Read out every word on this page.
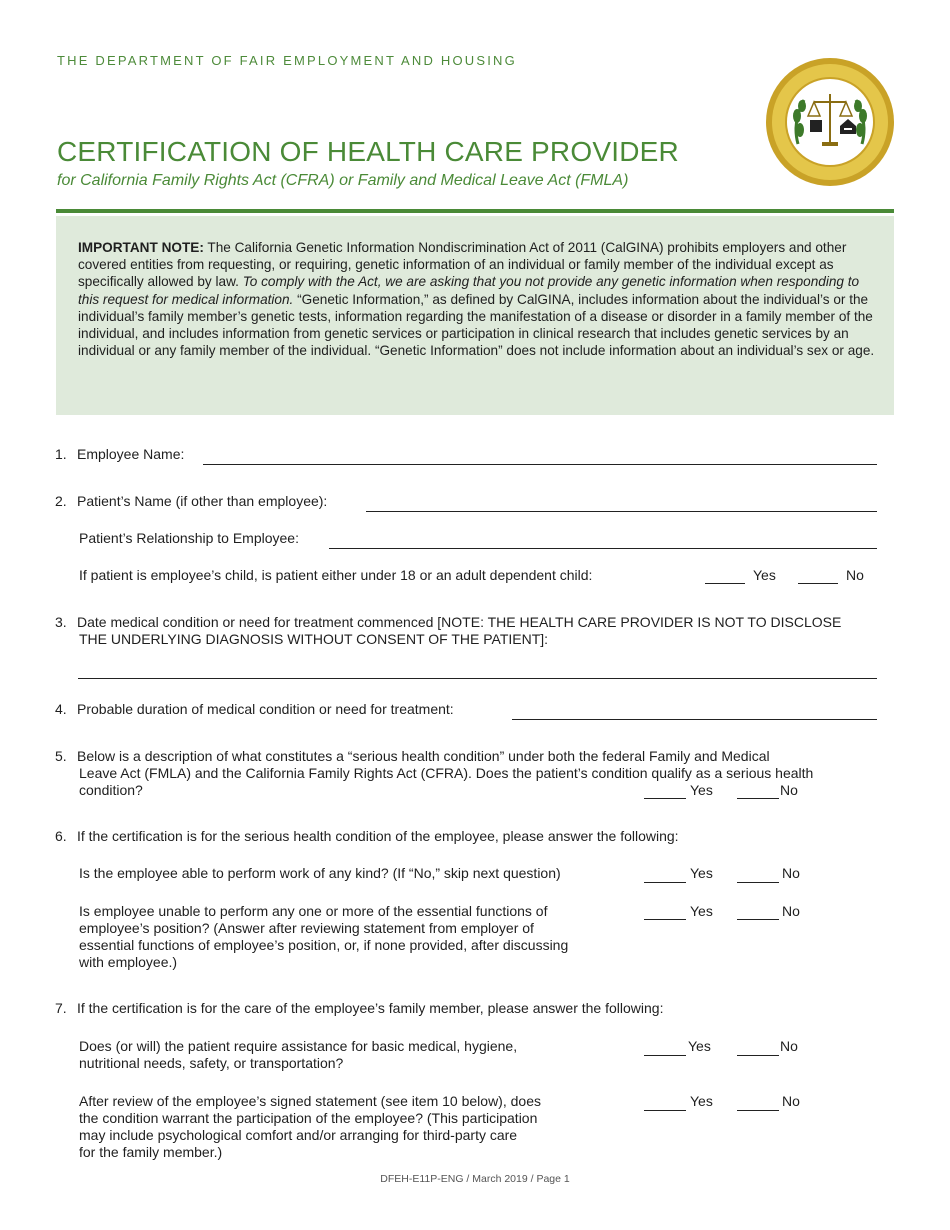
THE DEPARTMENT OF FAIR EMPLOYMENT AND HOUSING
CERTIFICATION OF HEALTH CARE PROVIDER
for California Family Rights Act (CFRA) or Family and Medical Leave Act (FMLA)
IMPORTANT NOTE: The California Genetic Information Nondiscrimination Act of 2011 (CalGINA) prohibits employers and other covered entities from requesting, or requiring, genetic information of an individual or family member of the individual except as specifically allowed by law. To comply with the Act, we are asking that you not provide any genetic information when responding to this request for medical information. “Genetic Information,” as defined by CalGINA, includes information about the individual’s or the individual’s family member’s genetic tests, information regarding the manifestation of a disease or disorder in a family member of the individual, and includes information from genetic services or participation in clinical research that includes genetic services by an individual or any family member of the individual. “Genetic Information” does not include information about an individual’s sex or age.
1. Employee Name:
2. Patient’s Name (if other than employee):
Patient’s Relationship to Employee:
If patient is employee’s child, is patient either under 18 or an adult dependent child:	Yes	No
3. Date medical condition or need for treatment commenced [NOTE: THE HEALTH CARE PROVIDER IS NOT TO DISCLOSE
THE UNDERLYING DIAGNOSIS WITHOUT CONSENT OF THE PATIENT]:
4. Probable duration of medical condition or need for treatment:
5. Below is a description of what constitutes a “serious health condition” under both the federal Family and Medical
Leave Act (FMLA) and the California Family Rights Act (CFRA). Does the patient’s condition qualify as a serious health
condition?	Yes	No
6. If the certification is for the serious health condition of the employee, please answer the following:
Is the employee able to perform work of any kind? (If “No,” skip next question)	Yes	No
Is employee unable to perform any one or more of the essential functions of
employee’s position? (Answer after reviewing statement from employer of
essential functions of employee’s position, or, if none provided, after discussing
with employee.)
Yes	No
7. If the certification is for the care of the employee’s family member, please answer the following:
Does (or will) the patient require assistance for basic medical, hygiene,
nutritional needs, safety, or transportation?
Yes	No
After review of the employee’s signed statement (see item 10 below), does
the condition warrant the participation of the employee? (This participation
may include psychological comfort and/or arranging for third-party care
for the family member.)
Yes	No
DFEH-E11P-ENG / March 2019 / Page 1
